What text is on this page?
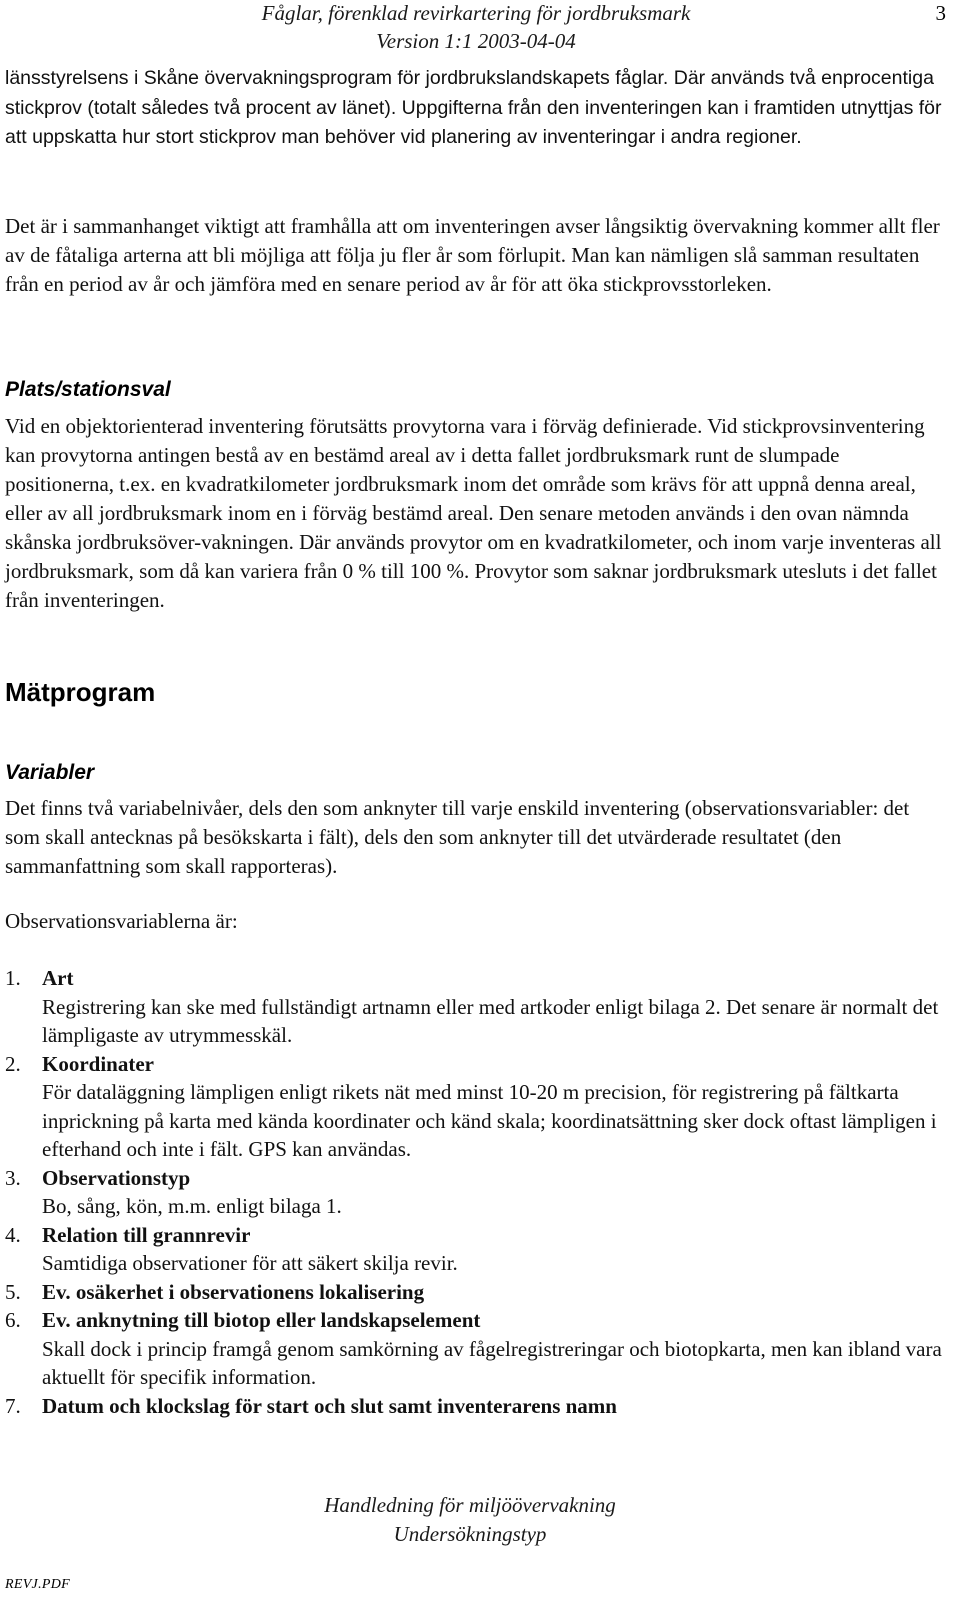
Fåglar, förenklad revirkartering för jordbruksmark
Version 1:1 2003-04-04
3

länsstyrelsens i Skåne övervakningsprogram för jordbrukslandskapets fåglar. Där används två enprocentiga stickprov (totalt således två procent av länet). Uppgifterna från den inventeringen kan i framtiden utnyttjas för att uppskatta hur stort stickprov man behöver vid planering av inventeringar i andra regioner.

Det är i sammanhanget viktigt att framhålla att om inventeringen avser långsiktig övervakning kommer allt fler av de fåtaliga arterna att bli möjliga att följa ju fler år som förlupit. Man kan nämligen slå samman resultaten från en period av år och jämföra med en senare period av år för att öka stickprovsstorleken.

Plats/stationsval

Vid en objektorienterad inventering förutsätts provytorna vara i förväg definierade. Vid stickprovsinventering kan provytorna antingen bestå av en bestämd areal av i detta fallet jordbruksmark runt de slumpade positionerna, t.ex. en kvadratkilometer jordbruksmark inom det område som krävs för att uppnå denna areal, eller av all jordbruksmark inom en i förväg bestämd areal. Den senare metoden används i den ovan nämnda skånska jordbruksöver-vakningen. Där används provytor om en kvadratkilometer, och inom varje inventeras all jordbruksmark, som då kan variera från 0 % till 100 %. Provytor som saknar jordbruksmark utesluts i det fallet från inventeringen.

Mätprogram
Variabler

Det finns två variabelnivåer, dels den som anknyter till varje enskild inventering (observationsvariabler: det som skall antecknas på besökskarta i fält), dels den som anknyter till det utvärderade resultatet (den sammanfattning som skall rapporteras).

Observationsvariablerna är:

1. Art
Registrering kan ske med fullständigt artnamn eller med artkoder enligt bilaga 2. Det senare är normalt det lämpligaste av utrymmesskäl.
2. Koordinater
För dataläggning lämpligen enligt rikets nät med minst 10-20 m precision, för registrering på fältkarta inprickning på karta med kända koordinater och känd skala; koordinatsättning sker dock oftast lämpligen i efterhand och inte i fält. GPS kan användas.
3. Observationstyp
Bo, sång, kön, m.m. enligt bilaga 1.
4. Relation till grannrevir
Samtidiga observationer för att säkert skilja revir.
5. Ev. osäkerhet i observationens lokalisering
6. Ev. anknytning till biotop eller landskapselement
Skall dock i princip framgå genom samkörning av fågelregistreringar och biotopkarta, men kan ibland vara aktuellt för specifik information.
7. Datum och klockslag för start och slut samt inventerarens namn
Handledning för miljöövervakning
Undersökningstyp
REVJ.PDF
